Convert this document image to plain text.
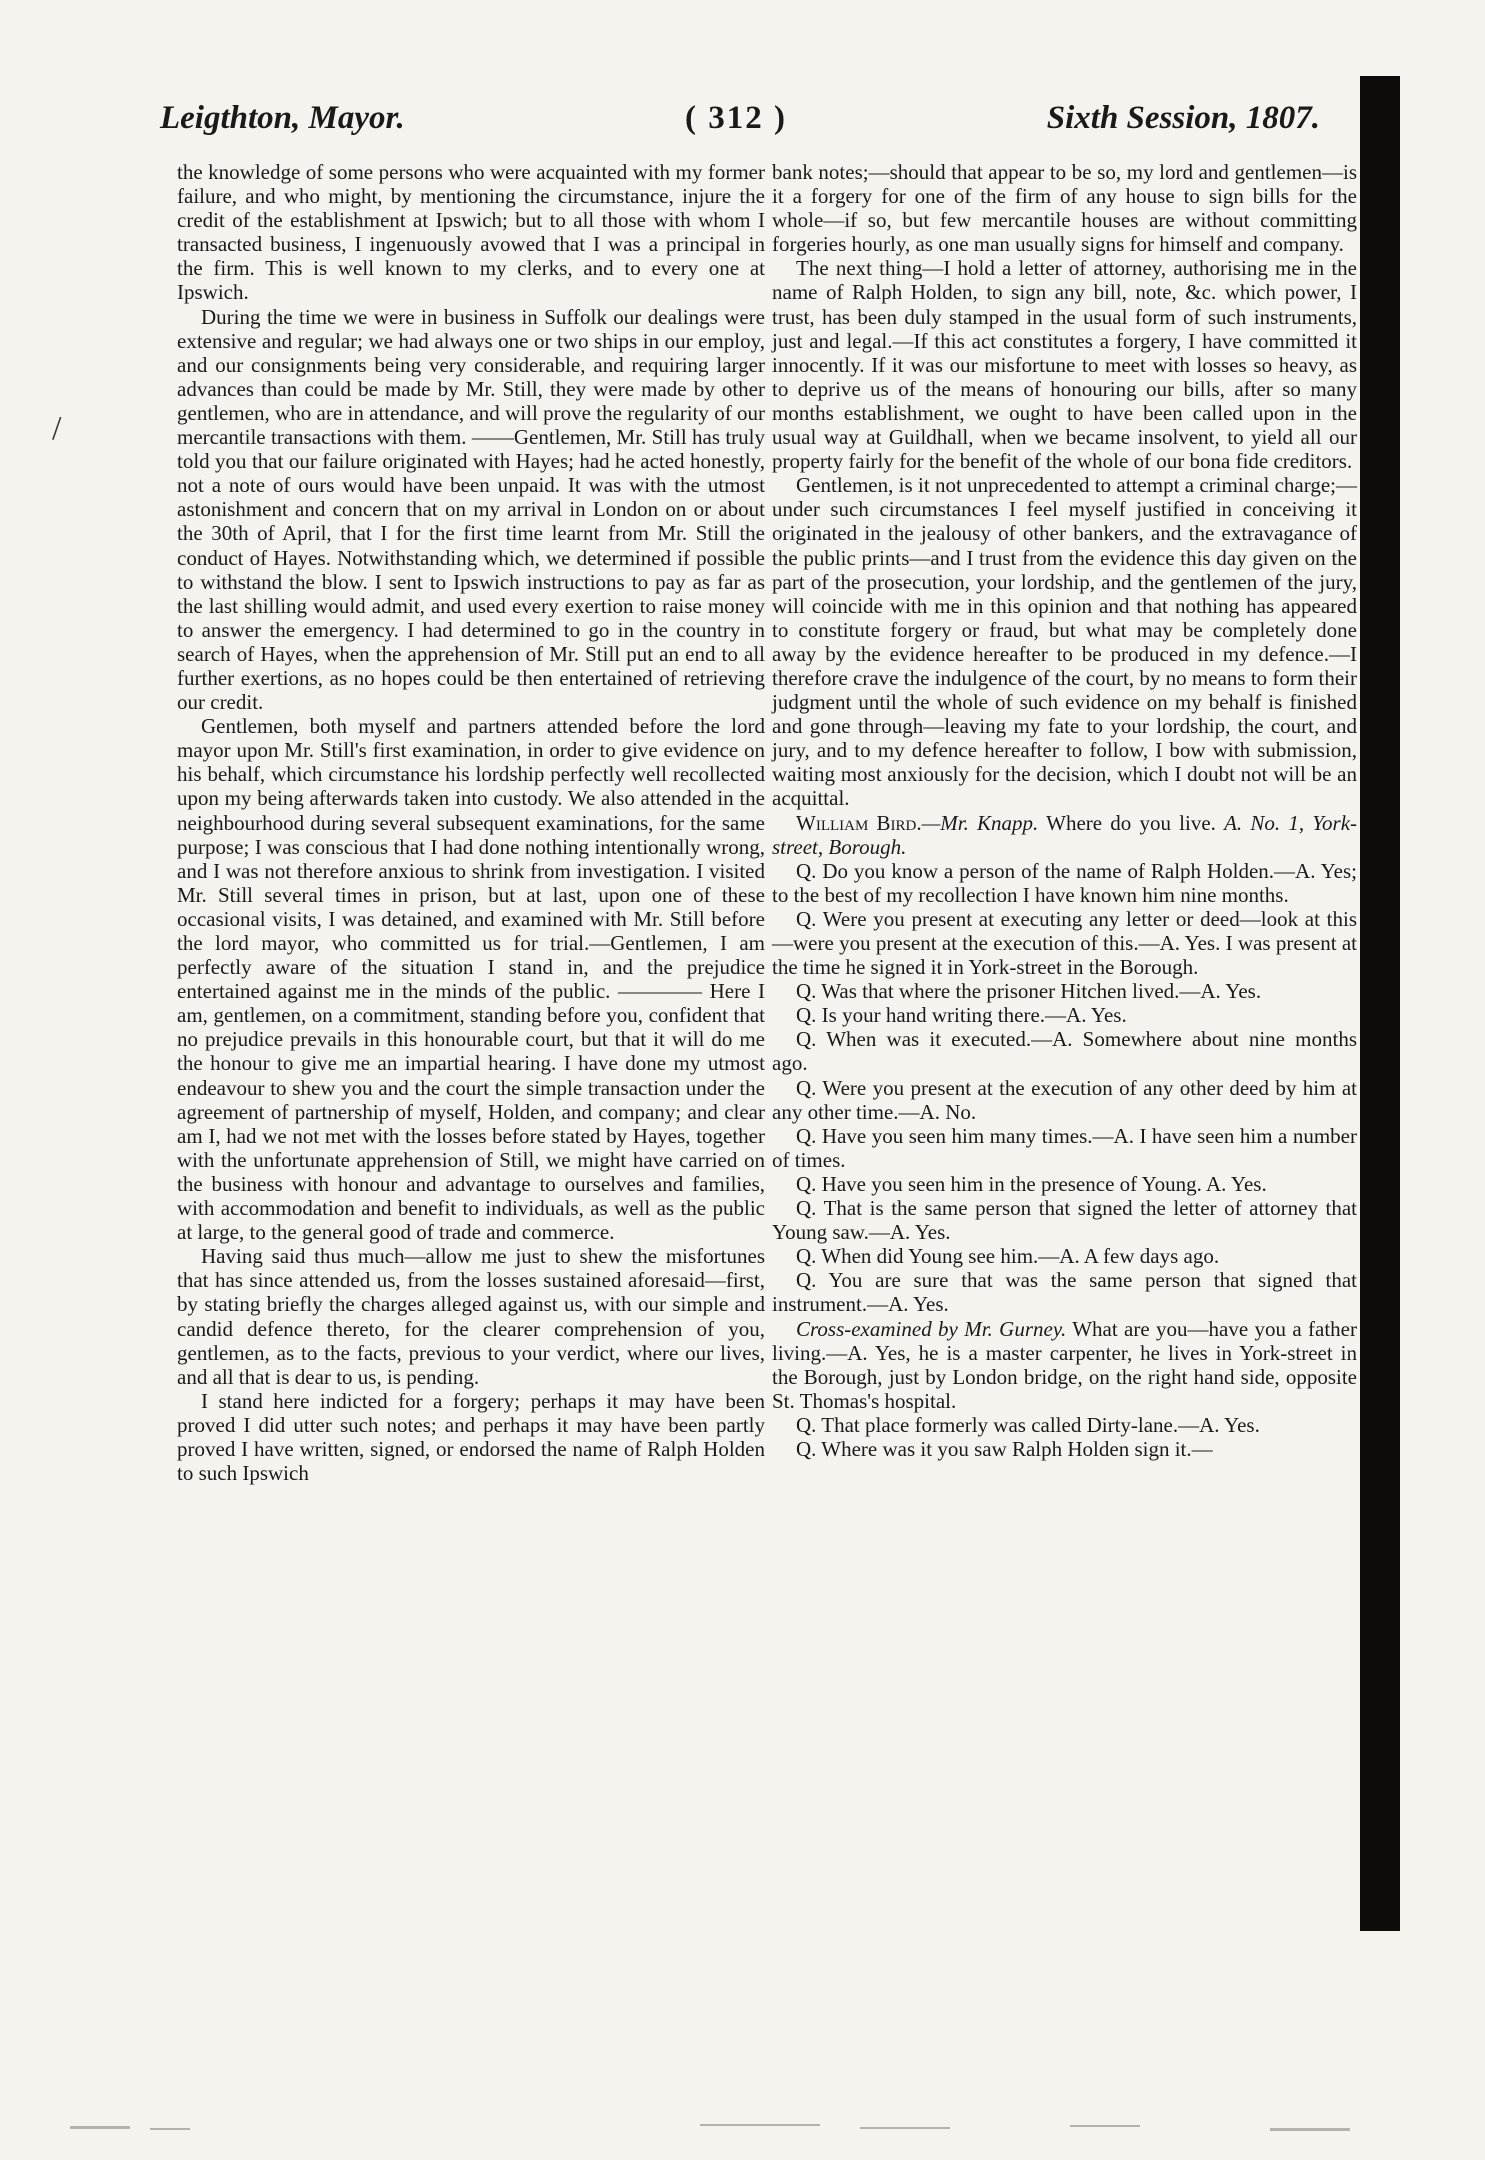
Leigthton, Mayor.	( 312 )	Sixth Session, 1807.
/

the knowledge of some persons who were acquainted with my former failure, and who might, by mentioning the circumstance, injure the credit of the establishment at Ipswich; but to all those with whom I transacted business, I ingenuously avowed that I was a principal in the firm. This is well known to my clerks, and to every one at Ipswich.

During the time we were in business in Suffolk our dealings were extensive and regular; we had always one or two ships in our employ, and our consignments being very considerable, and requiring larger advances than could be made by Mr. Still, they were made by other gentlemen, who are in attendance, and will prove the regularity of our mercantile transactions with them. ——Gentlemen, Mr. Still has truly told you that our failure originated with Hayes; had he acted honestly, not a note of ours would have been unpaid. It was with the utmost astonishment and concern that on my arrival in London on or about the 30th of April, that I for the first time learnt from Mr. Still the conduct of Hayes. Notwithstanding which, we determined if possible to withstand the blow. I sent to Ipswich instructions to pay as far as the last shilling would admit, and used every exertion to raise money to answer the emergency. I had determined to go in the country in search of Hayes, when the apprehension of Mr. Still put an end to all further exertions, as no hopes could be then entertained of retrieving our credit.

Gentlemen, both myself and partners attended before the lord mayor upon Mr. Still's first examination, in order to give evidence on his behalf, which circumstance his lordship perfectly well recollected upon my being afterwards taken into custody. We also attended in the neighbourhood during several subsequent examinations, for the same purpose; I was conscious that I had done nothing intentionally wrong, and I was not therefore anxious to shrink from investigation. I visited Mr. Still several times in prison, but at last, upon one of these occasional visits, I was detained, and examined with Mr. Still before the lord mayor, who committed us for trial.—Gentlemen, I am perfectly aware of the situation I stand in, and the prejudice entertained against me in the minds of the public. ———— Here I am, gentlemen, on a commitment, standing before you, confident that no prejudice prevails in this honourable court, but that it will do me the honour to give me an impartial hearing. I have done my utmost endeavour to shew you and the court the simple transaction under the agreement of partnership of myself, Holden, and company; and clear am I, had we not met with the losses before stated by Hayes, together with the unfortunate apprehension of Still, we might have carried on the business with honour and advantage to ourselves and families, with accommodation and benefit to individuals, as well as the public at large, to the general good of trade and commerce.

Having said thus much—allow me just to shew the misfortunes that has since attended us, from the losses sustained aforesaid—first, by stating briefly the charges alleged against us, with our simple and candid defence thereto, for the clearer comprehension of you, gentlemen, as to the facts, previous to your verdict, where our lives, and all that is dear to us, is pending.

I stand here indicted for a forgery; perhaps it may have been proved I did utter such notes; and perhaps it may have been partly proved I have written, signed, or endorsed the name of Ralph Holden to such Ipswich

bank notes;—should that appear to be so, my lord and gentlemen—is it a forgery for one of the firm of any house to sign bills for the whole—if so, but few mercantile houses are without committing forgeries hourly, as one man usually signs for himself and company.

The next thing—I hold a letter of attorney, authorising me in the name of Ralph Holden, to sign any bill, note, &c. which power, I trust, has been duly stamped in the usual form of such instruments, just and legal.—If this act constitutes a forgery, I have committed it innocently. If it was our misfortune to meet with losses so heavy, as to deprive us of the means of honouring our bills, after so many months establishment, we ought to have been called upon in the usual way at Guildhall, when we became insolvent, to yield all our property fairly for the benefit of the whole of our bona fide creditors.

Gentlemen, is it not unprecedented to attempt a criminal charge;—under such circumstances I feel myself justified in conceiving it originated in the jealousy of other bankers, and the extravagance of the public prints—and I trust from the evidence this day given on the part of the prosecution, your lordship, and the gentlemen of the jury, will coincide with me in this opinion and that nothing has appeared to constitute forgery or fraud, but what may be completely done away by the evidence hereafter to be produced in my defence.—I therefore crave the indulgence of the court, by no means to form their judgment until the whole of such evidence on my behalf is finished and gone through—leaving my fate to your lordship, the court, and jury, and to my defence hereafter to follow, I bow with submission, waiting most anxiously for the decision, which I doubt not will be an acquittal.

William Bird.—Mr. Knapp. Where do you live. A. No. 1, York-street, Borough.

Q. Do you know a person of the name of Ralph Holden.—A. Yes; to the best of my recollection I have known him nine months.

Q. Were you present at executing any letter or deed—look at this—were you present at the execution of this.—A. Yes. I was present at the time he signed it in York-street in the Borough.

Q. Was that where the prisoner Hitchen lived.—A. Yes.

Q. Is your hand writing there.—A. Yes.

Q. When was it executed.—A. Somewhere about nine months ago.

Q. Were you present at the execution of any other deed by him at any other time.—A. No.

Q. Have you seen him many times.—A. I have seen him a number of times.

Q. Have you seen him in the presence of Young. A. Yes.

Q. That is the same person that signed the letter of attorney that Young saw.—A. Yes.

Q. When did Young see him.—A. A few days ago.

Q. You are sure that was the same person that signed that instrument.—A. Yes.

Cross-examined by Mr. Gurney. What are you—have you a father living.—A. Yes, he is a master carpenter, he lives in York-street in the Borough, just by London bridge, on the right hand side, opposite St. Thomas's hospital.

Q. That place formerly was called Dirty-lane.—A. Yes.

Q. Where was it you saw Ralph Holden sign it.—
